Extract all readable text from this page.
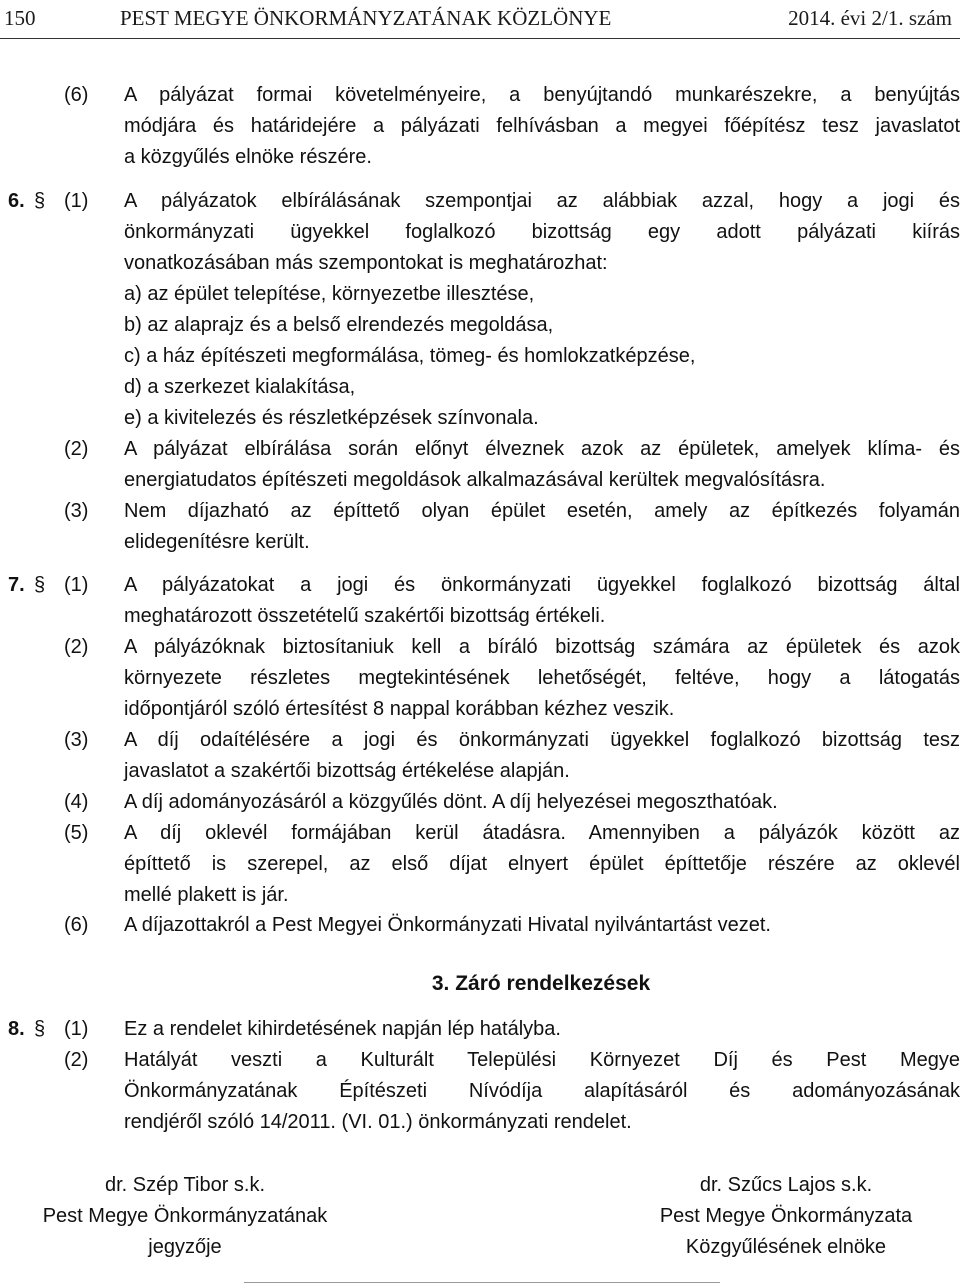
150	PEST MEGYE ÖNKORMÁNYZATÁNAK KÖZLÖNYE	2014. évi 2/1. szám
(6) A pályázat formai követelményeire, a benyújtandó munkarészekre, a benyújtás
módjára és határidejére a pályázati felhívásban a megyei főépítész tesz javaslatot
a közgyűlés elnöke részére.
6. § (1) A pályázatok elbírálásának szempontjai az alábbiak azzal, hogy a jogi és
önkormányzati ügyekkel foglalkozó bizottság egy adott pályázati kiírás
vonatkozásában más szempontokat is meghatározhat:
a) az épület telepítése, környezetbe illesztése,
b) az alaprajz és a belső elrendezés megoldása,
c) a ház építészeti megformálása, tömeg- és homlokzatképzése,
d) a szerkezet kialakítása,
e) a kivitelezés és részletképzések színvonala.
(2) A pályázat elbírálása során előnyt élveznek azok az épületek, amelyek klíma- és
energiatudatos építészeti megoldások alkalmazásával kerültek megvalósításra.
(3) Nem díjazható az építtető olyan épület esetén, amely az építkezés folyamán
elidegenítésre került.
7. § (1) A pályázatokat a jogi és önkormányzati ügyekkel foglalkozó bizottság által
meghatározott összetételű szakértői bizottság értékeli.
(2) A pályázóknak biztosítaniuk kell a bíráló bizottság számára az épületek és azok
környezete részletes megtekintésének lehetőségét, feltéve, hogy a látogatás
időpontjáról szóló értesítést 8 nappal korábban kézhez veszik.
(3) A díj odaítélésére a jogi és önkormányzati ügyekkel foglalkozó bizottság tesz
javaslatot a szakértői bizottság értékelése alapján.
(4) A díj adományozásáról a közgyűlés dönt. A díj helyezései megoszthatóak.
(5) A díj oklevél formájában kerül átadásra. Amennyiben a pályázók között az
építtető is szerepel, az első díjat elnyert épület építtetője részére az oklevél
mellé plakett is jár.
(6) A díjazottakról a Pest Megyei Önkormányzati Hivatal nyilvántartást vezet.
3. Záró rendelkezések
8. § (1) Ez a rendelet kihirdetésének napján lép hatályba.
(2) Hatályát veszti a Kulturált Települési Környezet Díj és Pest Megye
Önkormányzatának Építészeti Nívódíja alapításáról és adományozásának
rendjéről szóló 14/2011. (VI. 01.) önkormányzati rendelet.
dr. Szép Tibor s.k.
Pest Megye Önkormányzatának
jegyzője
dr. Szűcs Lajos s.k.
Pest Megye Önkormányzata
Közgyűlésének elnöke
